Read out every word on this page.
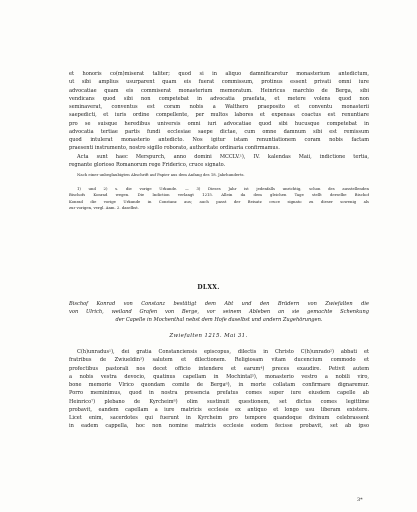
et honoris co(m)miserat taliter; quod si in aliquo damnificaretur monasterium antedictum,
ut sibi amplius usurparent quam eis fuerat commissum, protinus essent privati omni iure
advocatiae quam eis commiserat monasterium memoratum. Heinricus marchio de Berga, sibi
vendicans quod sibi non competebat in advocatia praefata, et metere volens quod non
seminaverat, conventus est coram nobis a Walthero praeposito et conventu monasterii
saepedicti, et iuris ordine compellente, per multos labores et expensas coactus est renuntiare
pro se suisque heredibus universis omni iuri advocatiae quod sibi hucusque competebat in
advocatia tertiae partis fundi ecclesiae saepe dictae, cum omne damnum sibi est remissum
quod intulerat monasterio antedicto. Nos igitur istam renuntiationem coram nobis factam
praesenti instrumento, nostro sigillo roborato, authoritate ordinaria confirmamus.
Acta sunt haec Merspurch, anno domini MCCLV.¹), IV. kalendas Maii, indictione tertia,
regnante glorioso Romanorum rege Friderico, cruce signato.
Nach einer unbeglaubigten Abschrift auf Papier aus dem Anfang des 18. Jahrhunderts.
1) und 2) s. die vorige Urkunde. — 3) Dieses Jahr ist jedenfalls unrichtig, schon des ausstellenden
Bischofs Konrad wegen. Die Indiction verlangt 1215. Allein da dem gleichen Tage stellt derselbe Bischof
Konrad die vorige Urkunde in Constanz aus; auch passt der Beisatz cruce signato zu dieser sowenig als
zur vorigen, vergl. Anm. 2. daselbst.
DLXX.
Bischof Konrad von Constanz bestätigt dem Abt und den Brüdern von Zwiefalten die
von Ulrich, weiland Grafen von Berge, vor seinem Ableben an sie gemachte Schenkung
der Capelle in Mochenthal nebst dem Hofe daselbst und andern Zugehörungen.
Zwiefalten 1215. Mai 31.
C(h)unradus¹), dei gratia Constanciensis episcopus, dilectis in Christo C(h)unrado²) abbati et
fratribus de Zwiueldin³) salutem et dilectionem. Religiosam vitam ducencium commodo et
profectibus pastorali nos decet officio intendere et earum⁴) preces exaudire. Petivit autem
a nobis vestra devocio, quatinus capellam in Mochintal⁵), monasterio vestro a nobili viro,
bone memorie Vlrico quondam comite de Berga⁶), in morte collatam confirmare dignaremur.
Porro meminimus, quod in nostra presencia prefatus comes super iure eiusdem capelle ab
Heinrico⁷) plebano de Kyrcheim⁸) olim sustinuit questionem, set dictus comes legittime
probavit, eandem capellam a iure matricis ecclesie ex antiquo et longo usu liberam existere.
Licet enim, sacerdotes qui fuerunt in Kyrcheim pro tempore quandoque divinum celebrassent
in eadem cappella, hoc non nomine matricis ecclesie eodem fecisse probavit, set ab ipso
3*
